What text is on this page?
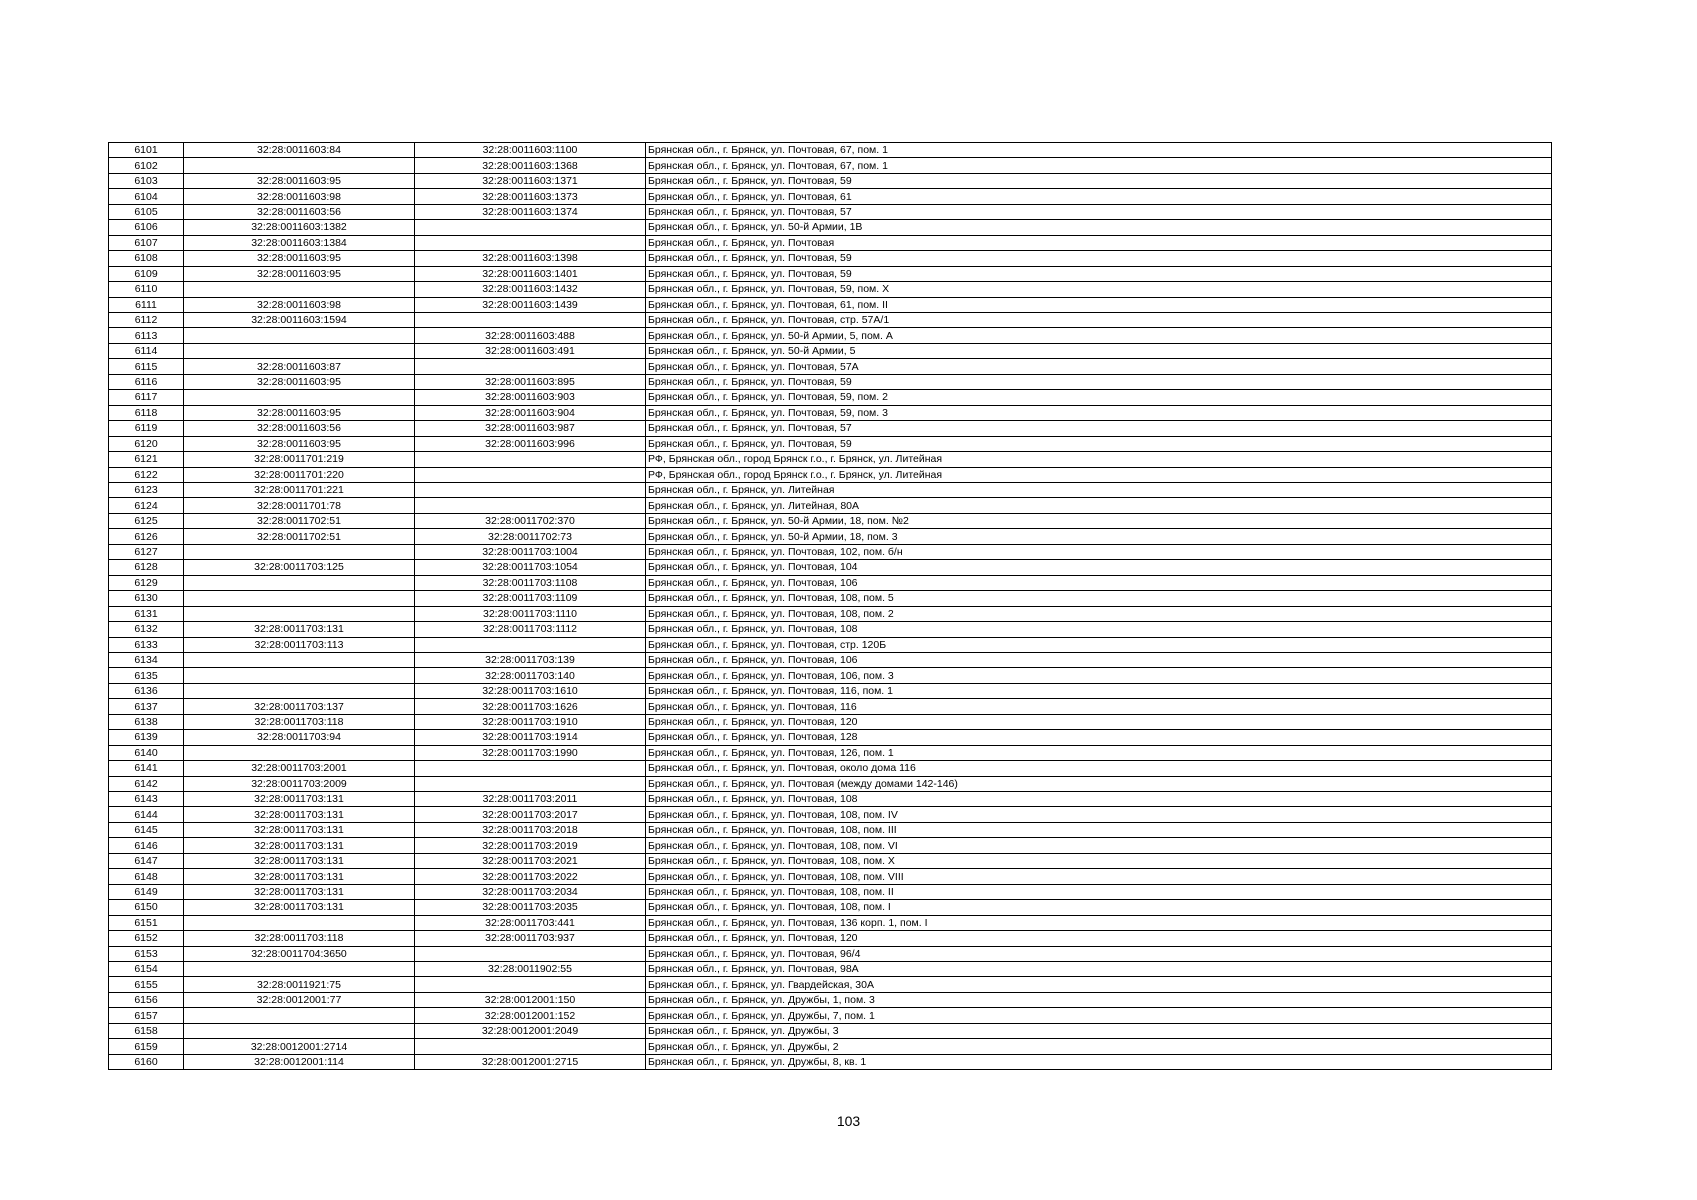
6101	32:28:0011603:84	32:28:0011603:1100	Брянская обл., г. Брянск, ул. Почтовая, 67, пом. 1
6102		32:28:0011603:1368	Брянская обл., г. Брянск, ул. Почтовая, 67, пом. 1
6103	32:28:0011603:95	32:28:0011603:1371	Брянская обл., г. Брянск, ул. Почтовая, 59
6104	32:28:0011603:98	32:28:0011603:1373	Брянская обл., г. Брянск, ул. Почтовая, 61
6105	32:28:0011603:56	32:28:0011603:1374	Брянская обл., г. Брянск, ул. Почтовая, 57
6106	32:28:0011603:1382		Брянская обл., г. Брянск, ул. 50-й Армии, 1В
6107	32:28:0011603:1384		Брянская обл., г. Брянск, ул. Почтовая
6108	32:28:0011603:95	32:28:0011603:1398	Брянская обл., г. Брянск, ул. Почтовая, 59
6109	32:28:0011603:95	32:28:0011603:1401	Брянская обл., г. Брянск, ул. Почтовая, 59
6110		32:28:0011603:1432	Брянская обл., г. Брянск, ул. Почтовая, 59, пом. X
6111	32:28:0011603:98	32:28:0011603:1439	Брянская обл., г. Брянск, ул. Почтовая, 61, пом. II
6112	32:28:0011603:1594		Брянская обл., г. Брянск, ул. Почтовая, стр. 57А/1
6113		32:28:0011603:488	Брянская обл., г. Брянск, ул. 50-й Армии, 5, пом. А
6114		32:28:0011603:491	Брянская обл., г. Брянск, ул. 50-й Армии, 5
6115	32:28:0011603:87		Брянская обл., г. Брянск, ул. Почтовая, 57А
6116	32:28:0011603:95	32:28:0011603:895	Брянская обл., г. Брянск, ул. Почтовая, 59
6117		32:28:0011603:903	Брянская обл., г. Брянск, ул. Почтовая, 59, пом. 2
6118	32:28:0011603:95	32:28:0011603:904	Брянская обл., г. Брянск, ул. Почтовая, 59, пом. 3
6119	32:28:0011603:56	32:28:0011603:987	Брянская обл., г. Брянск, ул. Почтовая, 57
6120	32:28:0011603:95	32:28:0011603:996	Брянская обл., г. Брянск, ул. Почтовая, 59
6121	32:28:0011701:219		РФ, Брянская обл., город Брянск г.о., г. Брянск, ул. Литейная
6122	32:28:0011701:220		РФ, Брянская обл., город Брянск г.о., г. Брянск, ул. Литейная
6123	32:28:0011701:221		Брянская обл., г. Брянск, ул. Литейная
6124	32:28:0011701:78		Брянская обл., г. Брянск, ул. Литейная, 80А
6125	32:28:0011702:51	32:28:0011702:370	Брянская обл., г. Брянск, ул. 50-й Армии, 18, пом. №2
6126	32:28:0011702:51	32:28:0011702:73	Брянская обл., г. Брянск, ул. 50-й Армии, 18, пом. 3
6127		32:28:0011703:1004	Брянская обл., г. Брянск, ул. Почтовая, 102, пом. б/н
6128	32:28:0011703:125	32:28:0011703:1054	Брянская обл., г. Брянск, ул. Почтовая, 104
6129		32:28:0011703:1108	Брянская обл., г. Брянск, ул. Почтовая, 106
6130		32:28:0011703:1109	Брянская обл., г. Брянск, ул. Почтовая, 108, пом. 5
6131		32:28:0011703:1110	Брянская обл., г. Брянск, ул. Почтовая, 108, пом. 2
6132	32:28:0011703:131	32:28:0011703:1112	Брянская обл., г. Брянск, ул. Почтовая, 108
6133	32:28:0011703:113		Брянская обл., г. Брянск, ул. Почтовая, стр. 120Б
6134		32:28:0011703:139	Брянская обл., г. Брянск, ул. Почтовая, 106
6135		32:28:0011703:140	Брянская обл., г. Брянск, ул. Почтовая, 106, пом. 3
6136		32:28:0011703:1610	Брянская обл., г. Брянск, ул. Почтовая, 116, пом. 1
6137	32:28:0011703:137	32:28:0011703:1626	Брянская обл., г. Брянск, ул. Почтовая, 116
6138	32:28:0011703:118	32:28:0011703:1910	Брянская обл., г. Брянск, ул. Почтовая, 120
6139	32:28:0011703:94	32:28:0011703:1914	Брянская обл., г. Брянск, ул. Почтовая, 128
6140		32:28:0011703:1990	Брянская обл., г. Брянск, ул. Почтовая, 126, пом. 1
6141	32:28:0011703:2001		Брянская обл., г. Брянск, ул. Почтовая, около дома 116
6142	32:28:0011703:2009		Брянская обл., г. Брянск, ул. Почтовая (между домами 142-146)
6143	32:28:0011703:131	32:28:0011703:2011	Брянская обл., г. Брянск, ул. Почтовая, 108
6144	32:28:0011703:131	32:28:0011703:2017	Брянская обл., г. Брянск, ул. Почтовая, 108, пом. IV
6145	32:28:0011703:131	32:28:0011703:2018	Брянская обл., г. Брянск, ул. Почтовая, 108, пом. III
6146	32:28:0011703:131	32:28:0011703:2019	Брянская обл., г. Брянск, ул. Почтовая, 108, пом. VI
6147	32:28:0011703:131	32:28:0011703:2021	Брянская обл., г. Брянск, ул. Почтовая, 108, пом. X
6148	32:28:0011703:131	32:28:0011703:2022	Брянская обл., г. Брянск, ул. Почтовая, 108, пом. VIII
6149	32:28:0011703:131	32:28:0011703:2034	Брянская обл., г. Брянск, ул. Почтовая, 108, пом. II
6150	32:28:0011703:131	32:28:0011703:2035	Брянская обл., г. Брянск, ул. Почтовая, 108, пом. I
6151		32:28:0011703:441	Брянская обл., г. Брянск, ул. Почтовая, 136 корп. 1, пом. I
6152	32:28:0011703:118	32:28:0011703:937	Брянская обл., г. Брянск, ул. Почтовая, 120
6153	32:28:0011704:3650		Брянская обл., г. Брянск, ул. Почтовая, 96/4
6154		32:28:0011902:55	Брянская обл., г. Брянск, ул. Почтовая, 98А
6155	32:28:0011921:75		Брянская обл., г. Брянск, ул. Гвардейская, 30А
6156	32:28:0012001:77	32:28:0012001:150	Брянская обл., г. Брянск, ул. Дружбы, 1, пом. 3
6157		32:28:0012001:152	Брянская обл., г. Брянск, ул. Дружбы, 7, пом. 1
6158		32:28:0012001:2049	Брянская обл., г. Брянск, ул. Дружбы, 3
6159	32:28:0012001:2714		Брянская обл., г. Брянск, ул. Дружбы, 2
6160	32:28:0012001:114	32:28:0012001:2715	Брянская обл., г. Брянск, ул. Дружбы, 8, кв. 1
103
